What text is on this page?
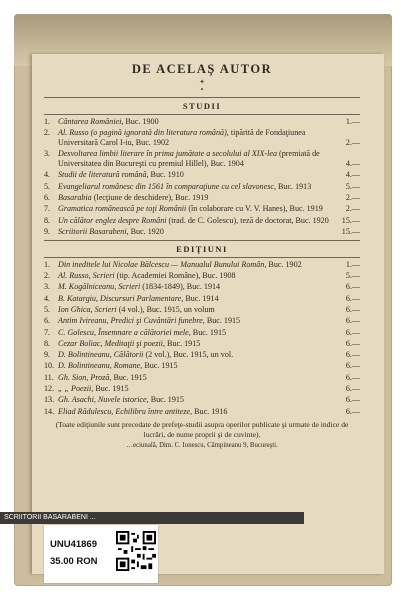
DE ACELAŞ AUTOR
✦
•
STUDII
1. Cântarea României, Buc. 1900	1.—
2. Al. Russo (o pagină ignorată din literatura română), tipărită de Fondaţiunea Universitară Carol I-iu, Buc. 1902	2.—
3. Desvoltarea limbii literare în prima jumătate a secolului al XIX-lea (premiată de Universitatea din Bucureşti cu premiul Hillel), Buc. 1904	4.—
4. Studii de literatură română, Buc. 1910	4.—
5. Evangeliarul românesc din 1561 în comparaţiune cu cel slavonesc, Buc. 1913	5.—
6. Basarabia (lecţiune de deschidere), Buc. 1919	2.—
7. Gramatica românească pe toţi Românii (în colaborare cu V. V. Hanes), Buc. 1919	2.—
8. Un călător englez despre Români (trad. de C. Golescu), teză de doctorat, Buc. 1920 15.—
9. Scriitorii Basarabeni, Buc. 1920	15.—
EDIŢIUNI
1. Din ineditele lui Nicolae Bălcescu — Manualul Bunului Român, Buc. 1902	1.—
2. Al. Russo, Scrieri (tip. Academiei Române), Buc. 1908	5.—
3. M. Kogălniceanu, Scrieri (1834-1849), Buc. 1914	6.—
4. B. Katargiu, Discursuri Parlamentare, Buc. 1914	6.—
5. Ion Ghica, Scrieri (4 vol.), Buc. 1915, un volum	6.—
6. Antim Ivireanu, Predici şi Cuvântări funebre, Buc. 1915	6.—
7. C. Golescu, Însemnare a călătoriei mele, Buc. 1915	6.—
8. Cezar Boliac, Meditaţii şi poezii, Buc. 1915	6.—
9. D. Bolintineanu, Călătorii (2 vol.), Buc. 1915, un vol.	6.—
10. D. Bolintineanu, Romane, Buc. 1915	6.—
11. Gh. Sion, Proză, Buc. 1915	6.—
12. „ „ Poezii, Buc. 1915	6.—
13. Gh. Asachi, Nuvele istorice, Buc. 1915	6.—
14. Eliad Rădulescu, Echilibru între antiteze, Buc. 1916	6.—
(Toate ediţiunile sunt precedate de prefeţe-studii asupra operilor publicate şi urmate de indice de lucrări, de nume proprii şi de cuvinte).
…eciunală, Dim. C. Ionescu, Câmpineanu 9, Bucureşti.
SCRIITORII BASARABENI ...
UNU41869
35.00 RON
